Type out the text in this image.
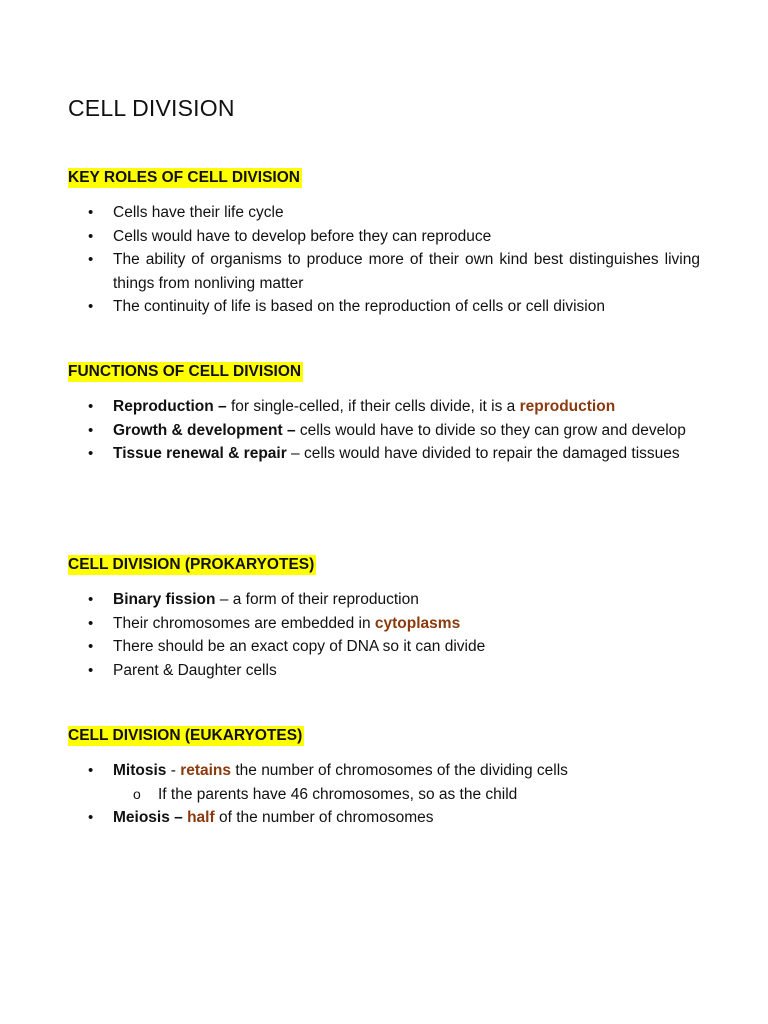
CELL DIVISION
KEY ROLES OF CELL DIVISION
• Cells have their life cycle
• Cells would have to develop before they can reproduce
• The ability of organisms to produce more of their own kind best distinguishes living things from nonliving matter
• The continuity of life is based on the reproduction of cells or cell division
FUNCTIONS OF CELL DIVISION
• Reproduction – for single-celled, if their cells divide, it is a reproduction
• Growth & development – cells would have to divide so they can grow and develop
• Tissue renewal & repair – cells would have divided to repair the damaged tissues
CELL DIVISION (PROKARYOTES)
• Binary fission – a form of their reproduction
• Their chromosomes are embedded in cytoplasms
• There should be an exact copy of DNA so it can divide
• Parent & Daughter cells
CELL DIVISION (EUKARYOTES)
• Mitosis - retains the number of chromosomes of the dividing cells
o If the parents have 46 chromosomes, so as the child
• Meiosis – half of the number of chromosomes
